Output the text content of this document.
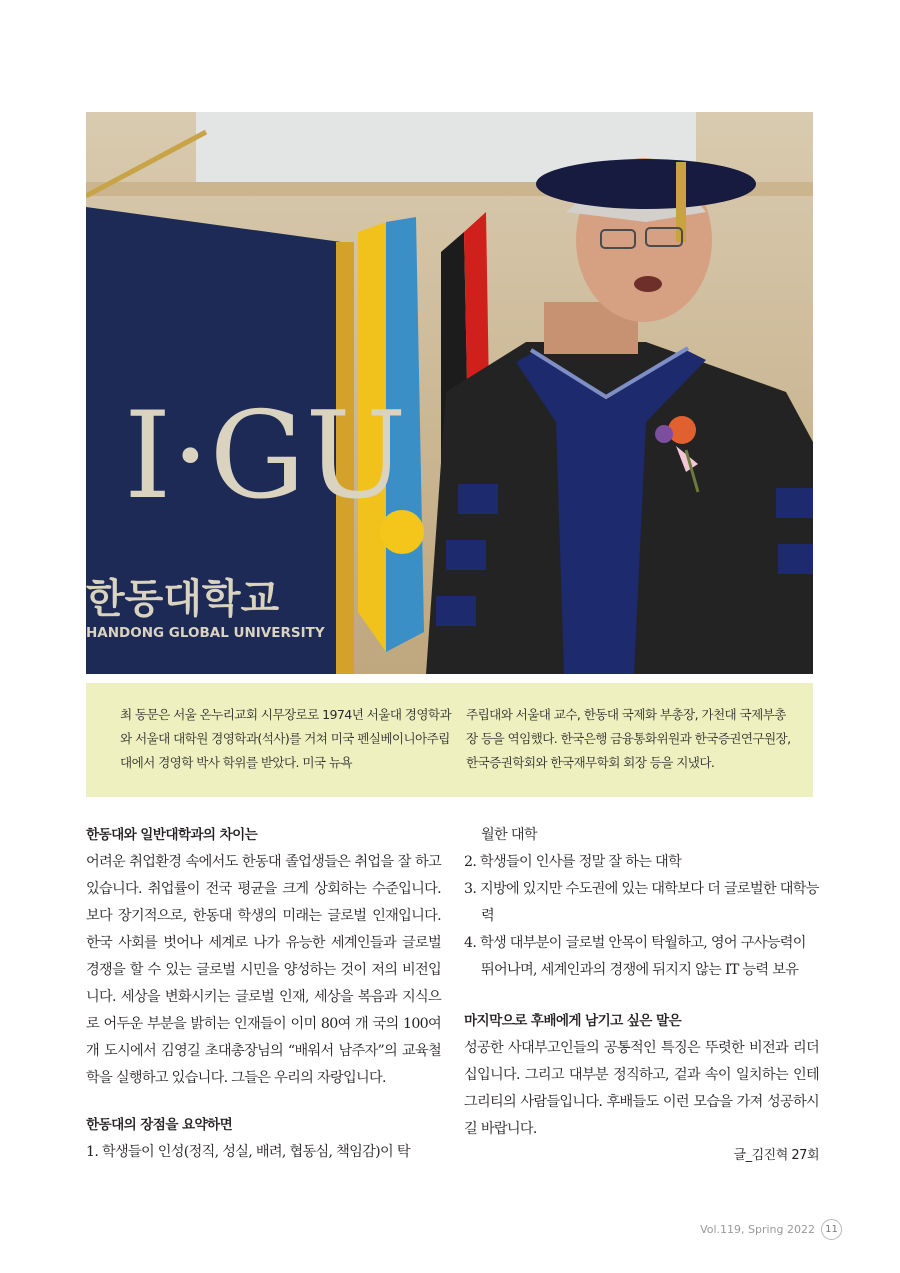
I·GU
한동대학교
HANDONG GLOBAL UNIVERSITY

최 동문은 서울 온누리교회 시무장로로 1974년 서울대 경영학과와 서울대 대학원 경영학과(석사)를 거쳐 미국 펜실베이니아주립대에서 경영학 박사 학위를 받았다. 미국 뉴욕

주립대와 서울대 교수, 한동대 국제화 부총장, 가천대 국제부총장 등을 역임했다. 한국은행 금융통화위원과 한국증권연구원장, 한국증권학회와 한국재무학회 회장 등을 지냈다.

한동대와 일반대학과의 차이는

어려운 취업환경 속에서도 한동대 졸업생들은 취업을 잘 하고 있습니다. 취업률이 전국 평균을 크게 상회하는 수준입니다. 보다 장기적으로, 한동대 학생의 미래는 글로벌 인재입니다. 한국 사회를 벗어나 세계로 나가 유능한 세계인들과 글로벌 경쟁을 할 수 있는 글로벌 시민을 양성하는 것이 저의 비전입니다. 세상을 변화시키는 글로벌 인재, 세상을 복음과 지식으로 어두운 부분을 밝히는 인재들이 이미 80여 개 국의 100여개 도시에서 김영길 초대총장님의 “배워서 남주자”의 교육철학을 실행하고 있습니다. 그들은 우리의 자랑입니다.

한동대의 장점을 요약하면
1. 학생들이 인성(정직, 성실, 배려, 협동심, 책임감)이 탁
월한 대학
2. 학생들이 인사를 정말 잘 하는 대학
3. 지방에 있지만 수도권에 있는 대학보다 더 글로벌한 대학능력
4. 학생 대부분이 글로벌 안목이 탁월하고, 영어 구사능력이 뛰어나며, 세계인과의 경쟁에 뒤지지 않는 IT 능력 보유
마지막으로 후배에게 남기고 싶은 말은

성공한 사대부고인들의 공통적인 특징은 뚜렷한 비전과 리더십입니다. 그리고 대부분 정직하고, 겉과 속이 일치하는 인테그리티의 사람들입니다. 후배들도 이런 모습을 가져 성공하시길 바랍니다.

글_김진혁 27회
Vol.119, Spring 2022	11
